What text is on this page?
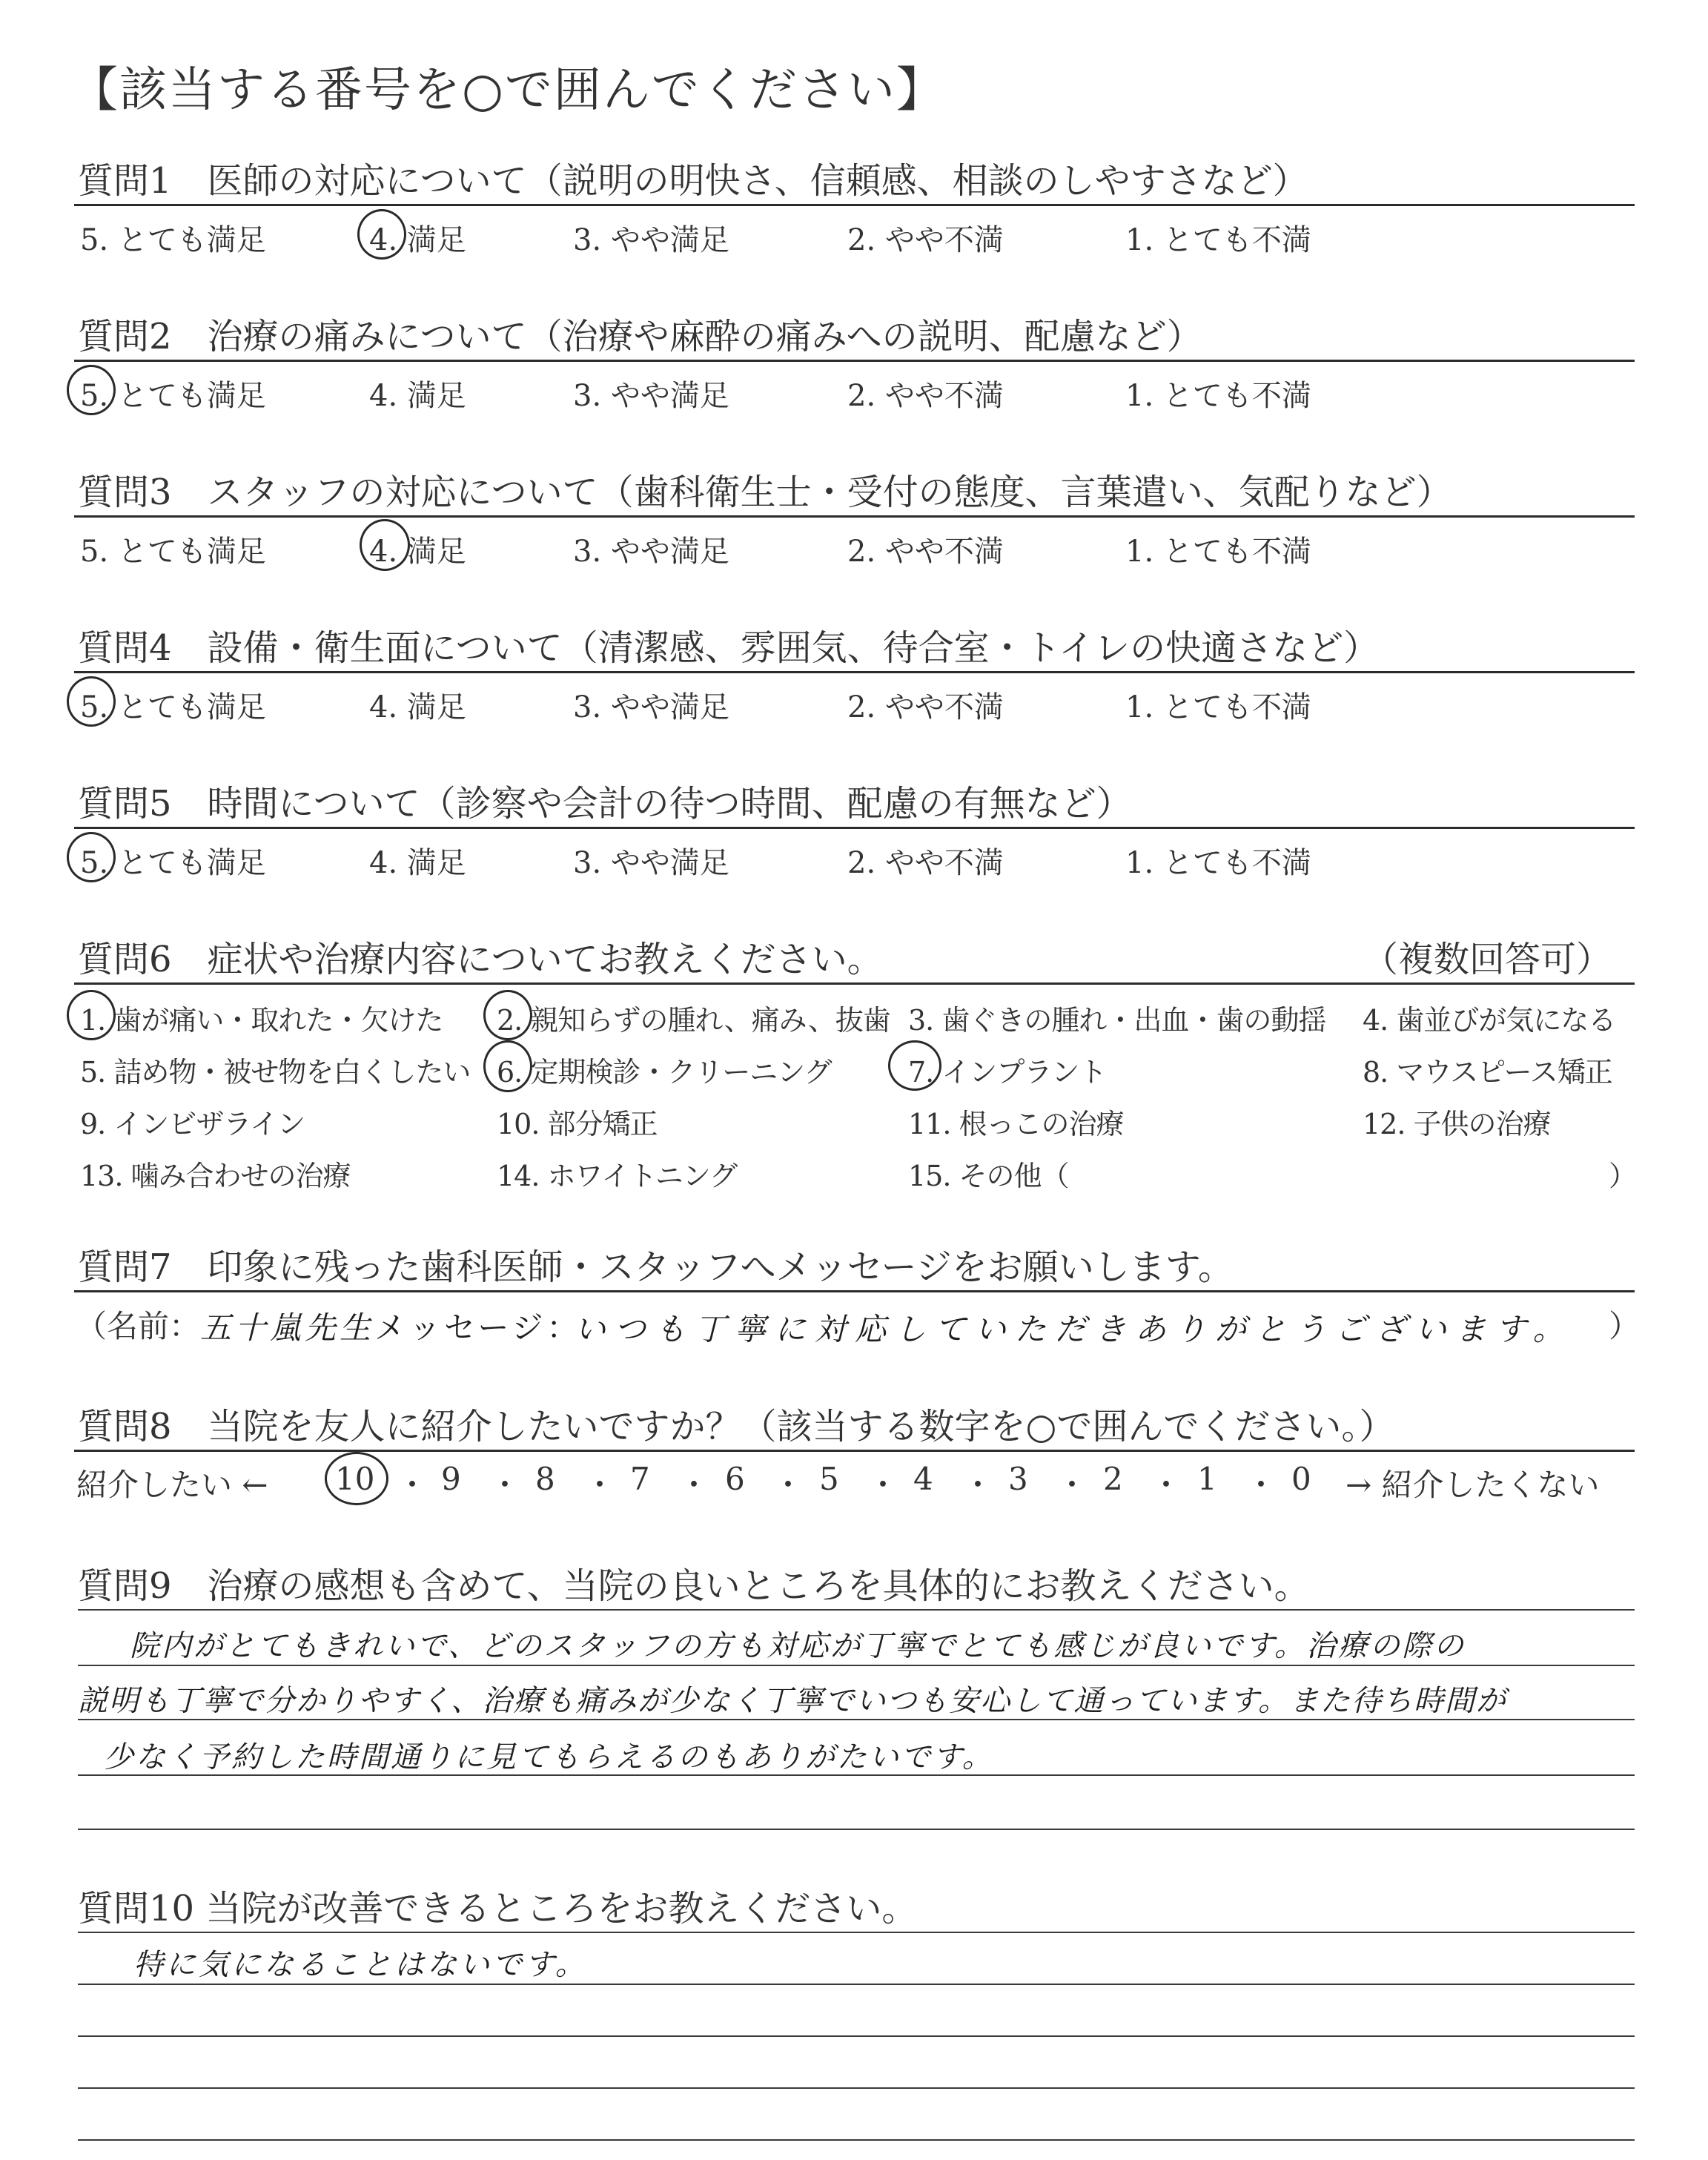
【該当する番号を○で囲んでください】
質問1　医師の対応について（説明の明快さ、信頼感、相談のしやすさなど）
5. とても満足	4. 満足	3. やや満足	2. やや不満	1. とても不満
質問2　治療の痛みについて（治療や麻酔の痛みへの説明、配慮など）
5. とても満足	4. 満足	3. やや満足	2. やや不満	1. とても不満
質問3　スタッフの対応について（歯科衛生士・受付の態度、言葉遣い、気配りなど）
5. とても満足	4. 満足	3. やや満足	2. やや不満	1. とても不満
質問4　設備・衛生面について（清潔感、雰囲気、待合室・トイレの快適さなど）
5. とても満足	4. 満足	3. やや満足	2. やや不満	1. とても不満
質問5　時間について（診察や会計の待つ時間、配慮の有無など）
5. とても満足	4. 満足	3. やや満足	2. やや不満	1. とても不満
質問6　症状や治療内容についてお教えください。	（複数回答可）
1. 歯が痛い・取れた・欠けた 2. 親知らずの腫れ、痛み、抜歯 3. 歯ぐきの腫れ・出血・歯の動揺 4. 歯並びが気になる
5. 詰め物・被せ物を白くしたい 6. 定期検診・クリーニング	7. インプラント	8. マウスピース矯正
9. インビザライン	10. 部分矯正	11. 根っこの治療	12. 子供の治療
13. 噛み合わせの治療	14. ホワイトニング	15. その他（	）
質問7　印象に残った歯科医師・スタッフへメッセージをお願いします。
（名前： 五十嵐先生 メッセージ：
いつも丁寧に対応していただきありがとうございます。 ）
質問8　当院を友人に紹介したいですか？（該当する数字を○で囲んでください。）
紹介したい ← 10 ・ 9 ・ 8 ・ 7 ・ 6 ・ 5 ・ 4 ・ 3 ・ 2 ・ 1 ・ 0 → 紹介したくない
質問9　治療の感想も含めて、当院の良いところを具体的にお教えください。
院内がとてもきれいで、どのスタッフの方も対応が丁寧でとても感じが良いです。治療の際の
説明も丁寧で分かりやすく、治療も痛みが少なく丁寧でいつも安心して通っています。また待ち時間が
少なく予約した時間通りに見てもらえるのもありがたいです。
質問10 当院が改善できるところをお教えください。
特に気になることはないです。
